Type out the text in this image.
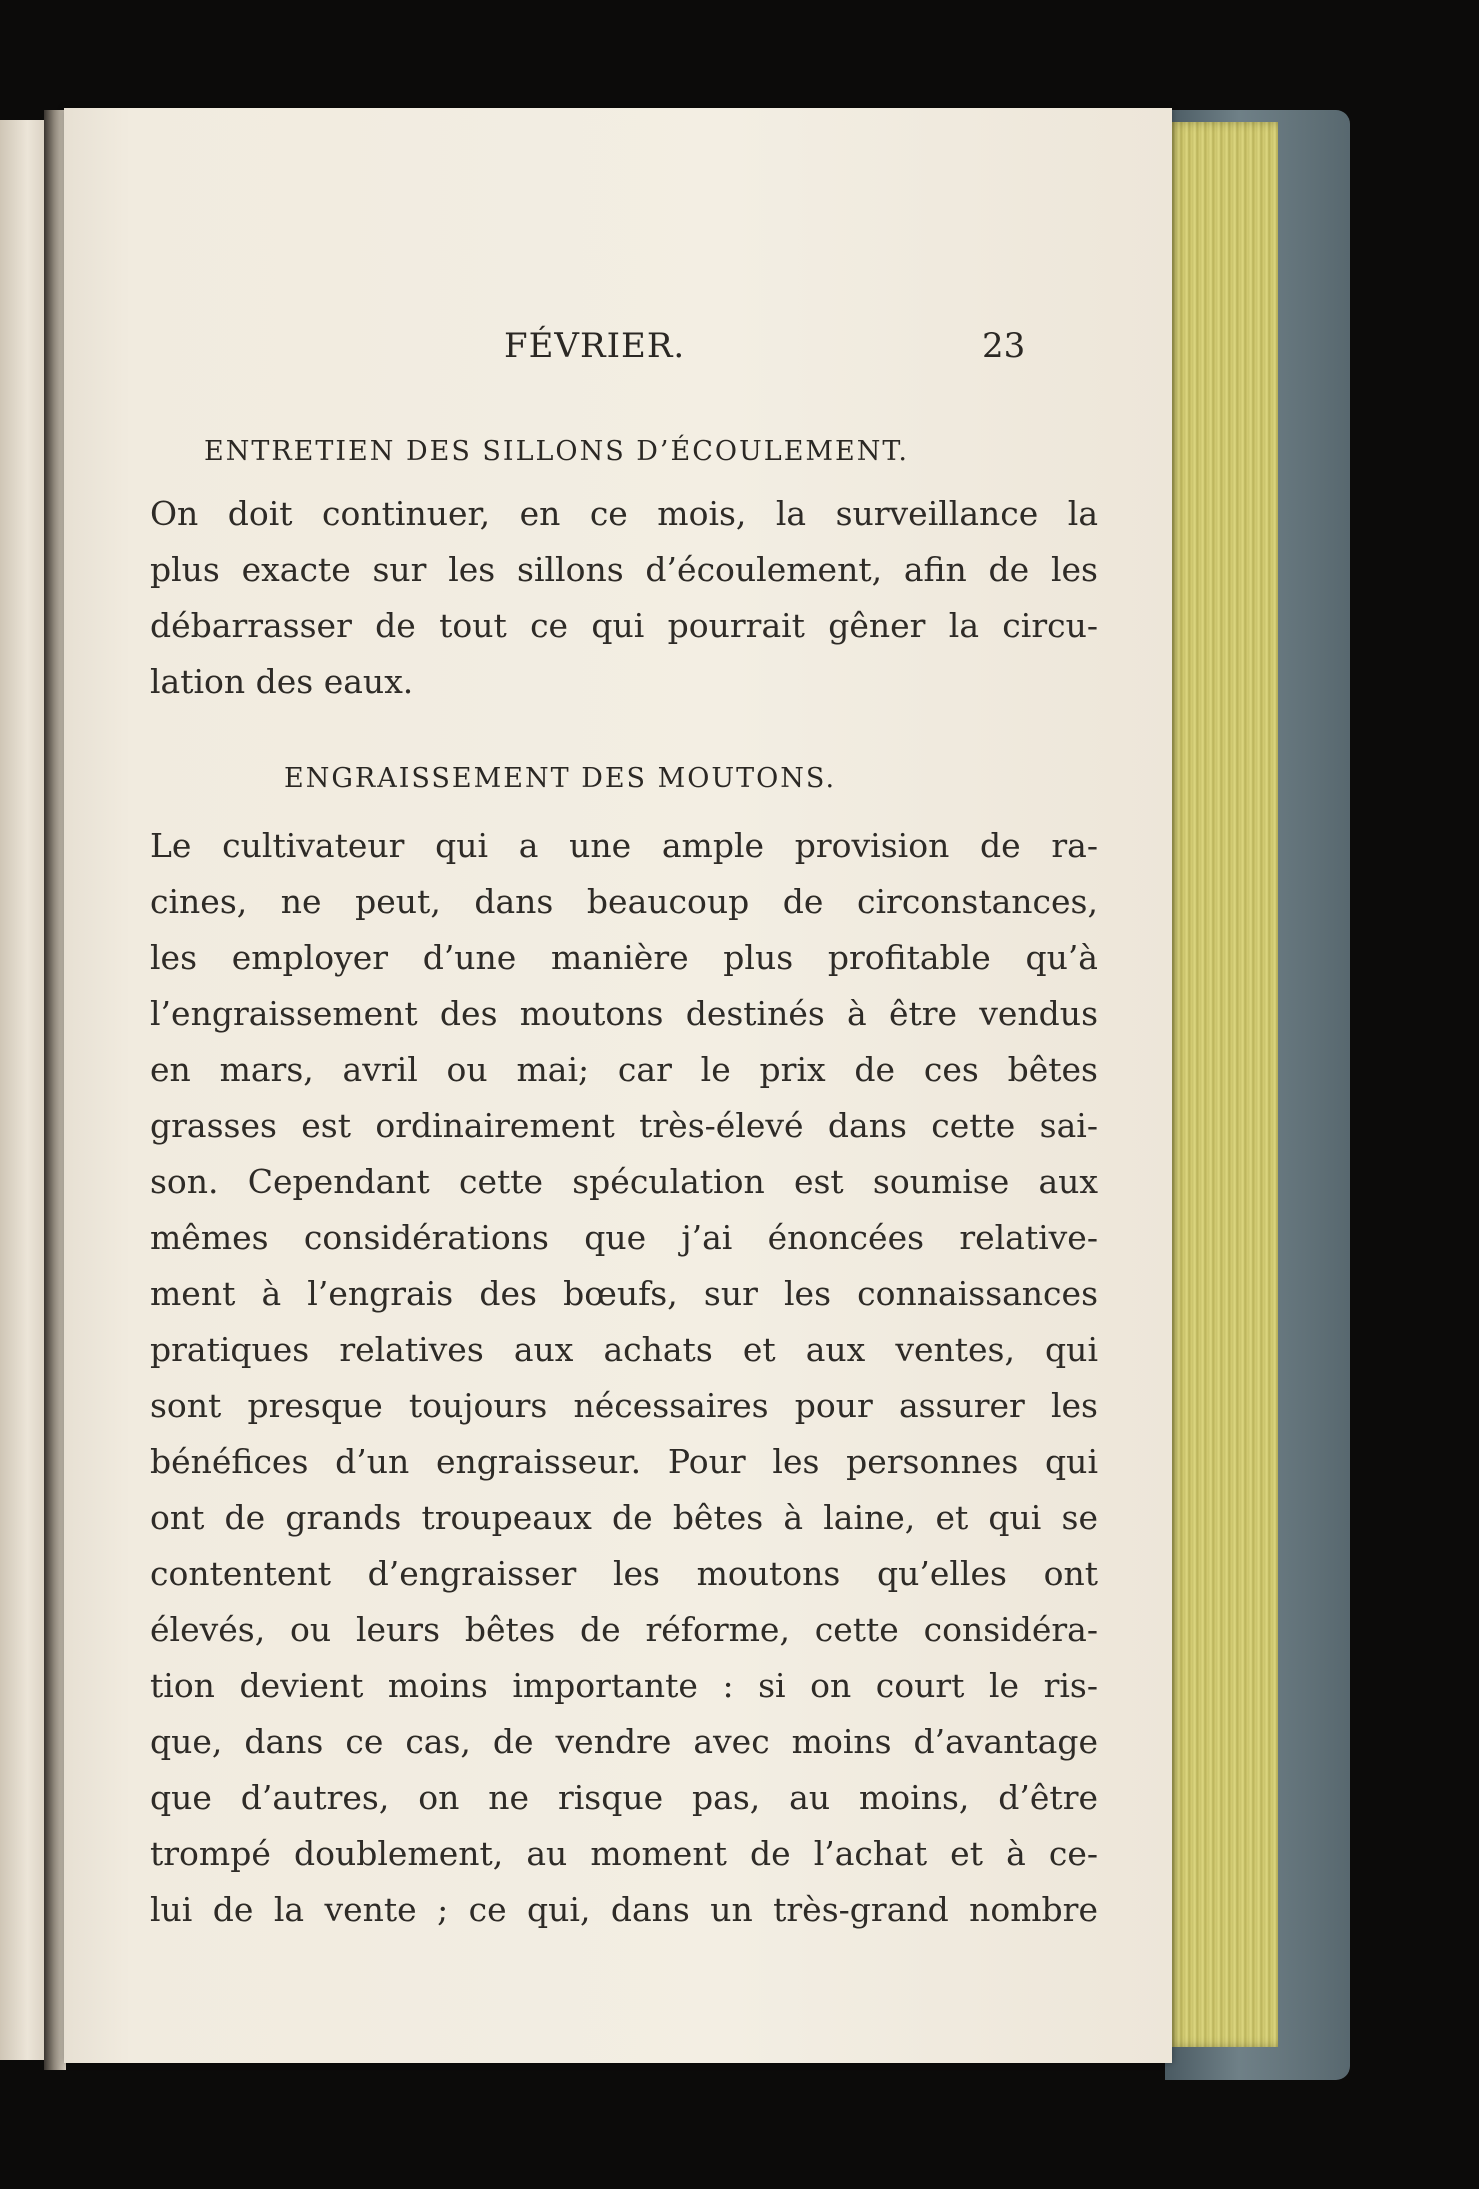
FÉVRIER.	23
ENTRETIEN DES SILLONS D’ÉCOULEMENT.
On doit continuer, en ce mois, la surveillance la
plus exacte sur les sillons d’écoulement, afin de les
débarrasser de tout ce qui pourrait gêner la circu-
lation des eaux.
ENGRAISSEMENT DES MOUTONS.
Le cultivateur qui a une ample provision de ra-
cines, ne peut, dans beaucoup de circonstances,
les employer d’une manière plus profitable qu’à
l’engraissement des moutons destinés à être vendus
en mars, avril ou mai; car le prix de ces bêtes
grasses est ordinairement très-élevé dans cette sai-
son. Cependant cette spéculation est soumise aux
mêmes considérations que j’ai énoncées relative-
ment à l’engrais des bœufs, sur les connaissances
pratiques relatives aux achats et aux ventes, qui
sont presque toujours nécessaires pour assurer les
bénéfices d’un engraisseur. Pour les personnes qui
ont de grands troupeaux de bêtes à laine, et qui se
contentent d’engraisser les moutons qu’elles ont
élevés, ou leurs bêtes de réforme, cette considéra-
tion devient moins importante : si on court le ris-
que, dans ce cas, de vendre avec moins d’avantage
que d’autres, on ne risque pas, au moins, d’être
trompé doublement, au moment de l’achat et à ce-
lui de la vente ; ce qui, dans un très-grand nombre
